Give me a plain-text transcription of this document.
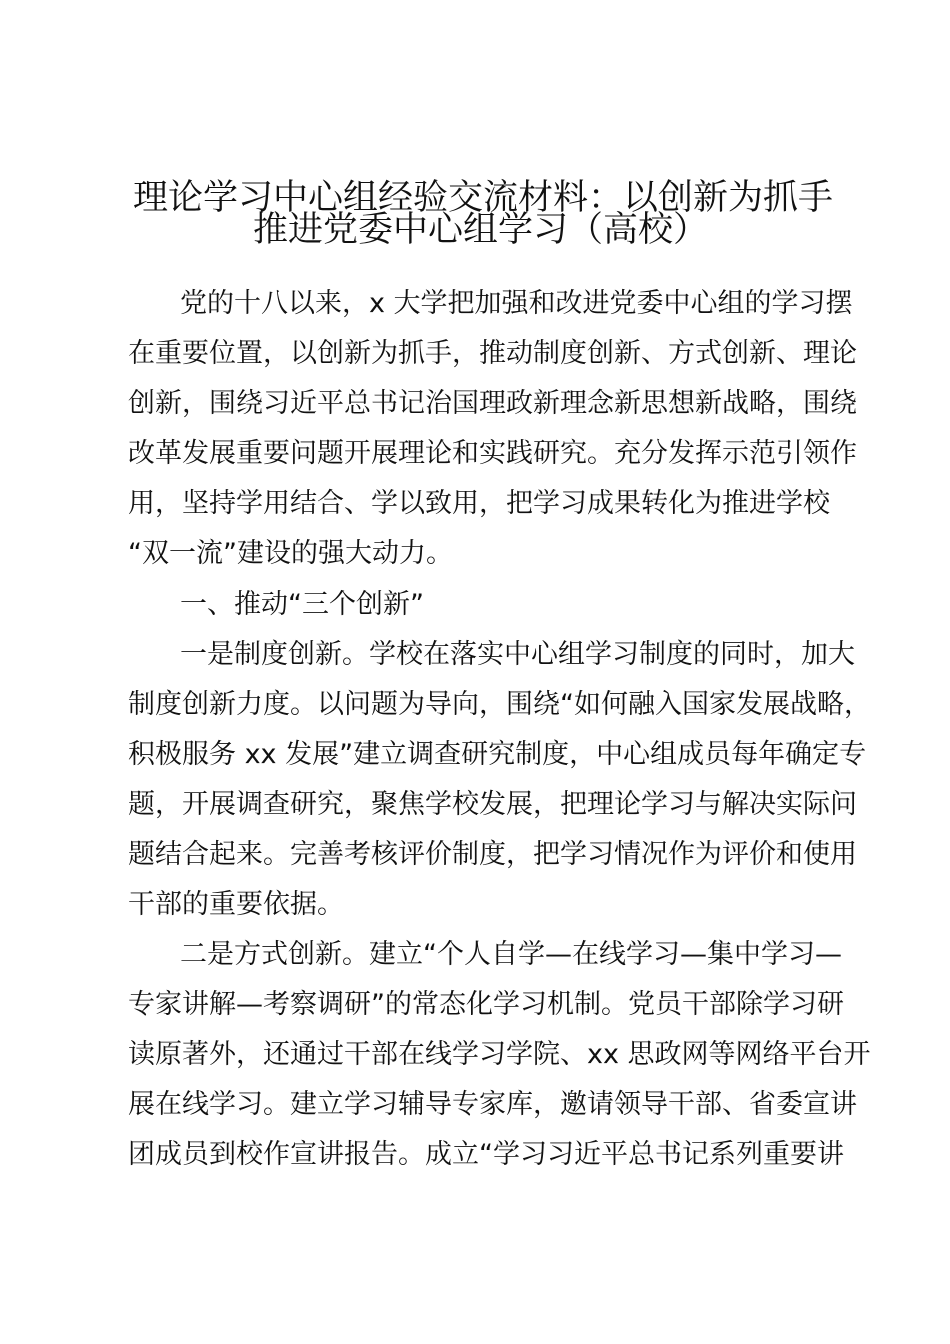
理论学习中心组经验交流材料：以创新为抓手
推进党委中心组学习（高校）
党的十八以来，x 大学把加强和改进党委中心组的学习摆
在重要位置，以创新为抓手，推动制度创新、方式创新、理论
创新，围绕习近平总书记治国理政新理念新思想新战略，围绕
改革发展重要问题开展理论和实践研究。充分发挥示范引领作
用，坚持学用结合、学以致用，把学习成果转化为推进学校
“双一流”建设的强大动力。
一、推动“三个创新”
一是制度创新。学校在落实中心组学习制度的同时，加大
制度创新力度。以问题为导向，围绕“如何融入国家发展战略，
积极服务 xx 发展”建立调查研究制度，中心组成员每年确定专
题，开展调查研究，聚焦学校发展，把理论学习与解决实际问
题结合起来。完善考核评价制度，把学习情况作为评价和使用
干部的重要依据。
二是方式创新。建立“个人自学—在线学习—集中学习—
专家讲解—考察调研”的常态化学习机制。党员干部除学习研
读原著外，还通过干部在线学习学院、xx 思政网等网络平台开
展在线学习。建立学习辅导专家库，邀请领导干部、省委宣讲
团成员到校作宣讲报告。成立“学习习近平总书记系列重要讲
